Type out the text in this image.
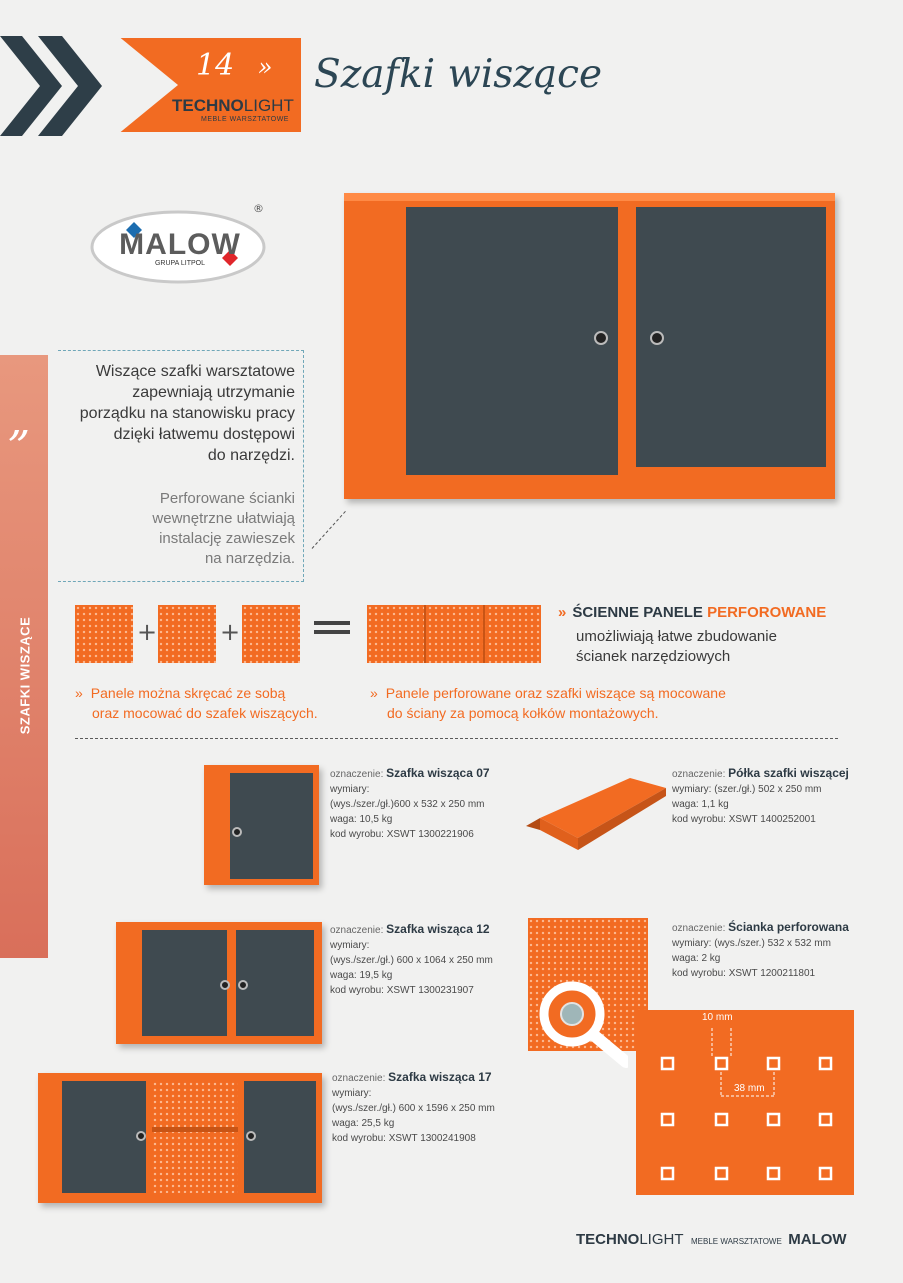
14 »
TECHNOLIGHT
MEBLE WARSZTATOWE
Szafki wiszące
MALOW
GRUPA LITPOL
®
„
SZAFKI WISZĄCE
Wiszące szafki warsztatowe
zapewniają utrzymanie
porządku na stanowisku pracy
dzięki łatwemu dostępowi
do narzędzi.
Perforowane ścianki
wewnętrzne ułatwiają
instalację zawieszek
na narzędzia.
+	+
» ŚCIENNE PANELE PERFOROWANE
umożliwiają łatwe zbudowanie
ścianek narzędziowych
» Panele można skręcać ze sobą
oraz mocować do szafek wiszących.
» Panele perforowane oraz szafki wiszące są mocowane
do ściany za pomocą kołków montażowych.
oznaczenie: Szafka wisząca 07
wymiary:
(wys./szer./gł.)600 x 532 x 250 mm
waga: 10,5 kg
kod wyrobu: XSWT 1300221906
oznaczenie: Półka szafki wiszącej
wymiary: (szer./gł.) 502 x 250 mm
waga: 1,1 kg
kod wyrobu: XSWT 1400252001
oznaczenie: Szafka wisząca 12
wymiary:
(wys./szer./gł.) 600 x 1064 x 250 mm
waga: 19,5 kg
kod wyrobu: XSWT 1300231907
oznaczenie: Ścianka perforowana
wymiary: (wys./szer.) 532 x 532 mm
waga: 2 kg
kod wyrobu: XSWT 1200211801
10 mm
38 mm
oznaczenie: Szafka wisząca 17
wymiary:
(wys./szer./gł.) 600 x 1596 x 250 mm
waga: 25,5 kg
kod wyrobu: XSWT 1300241908
TECHNOLIGHT MEBLE WARSZTATOWE MALOW
